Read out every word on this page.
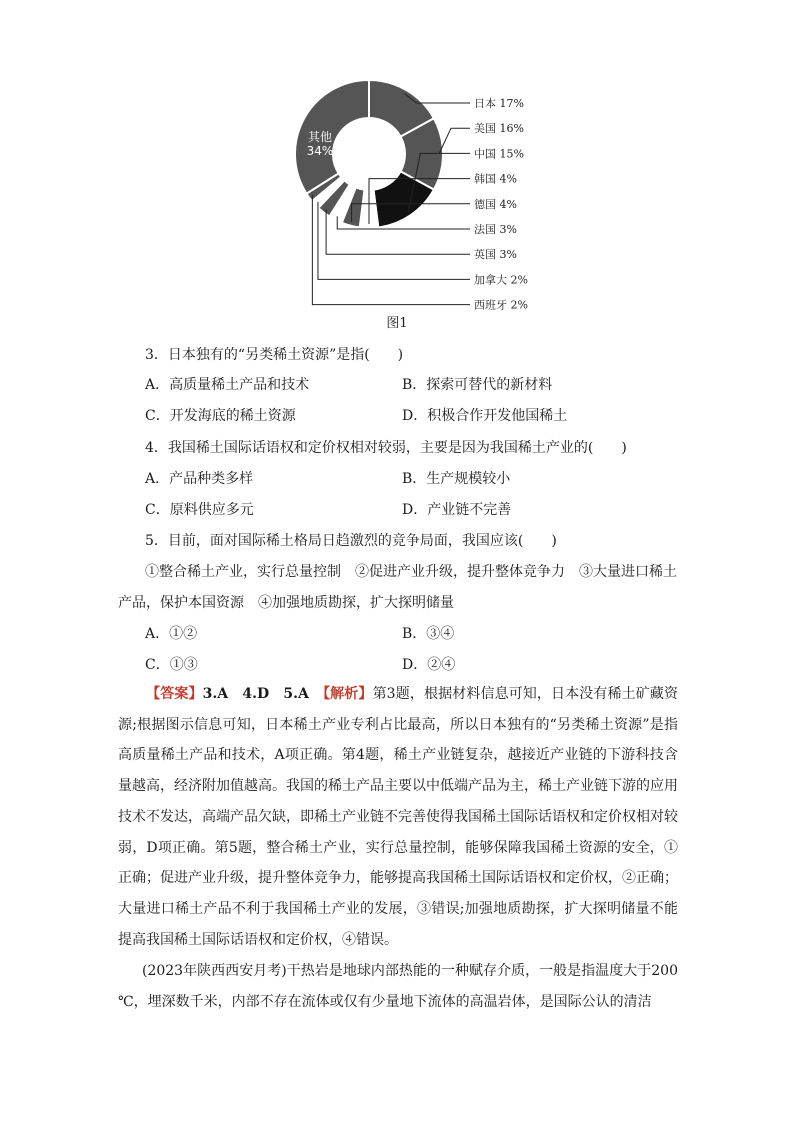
日本 17%
美国 16%
中国 15%
韩国 4%
德国 4%
法国 3%
英国 3%
加拿大 2%
西班牙 2%
其他
34%
图1
3．日本独有的“另类稀土资源”是指(　　)
A．高质量稀土产品和技术	B．探索可替代的新材料
C．开发海底的稀土资源	D．积极合作开发他国稀土
4．我国稀土国际话语权和定价权相对较弱，主要是因为我国稀土产业的(　　)
A．产品种类多样	B．生产规模较小
C．原料供应多元	D．产业链不完善
5．目前，面对国际稀土格局日趋激烈的竞争局面，我国应该(　　)
①整合稀土产业，实行总量控制　②促进产业升级，提升整体竞争力　③大量进口稀土
产品，保护本国资源　④加强地质勘探，扩大探明储量
A．①②	B．③④
C．①③	D．②④
【答案】3.A　4.D　5.A　【解析】第3题，根据材料信息可知，日本没有稀土矿藏资源;根据图示信息可知，日本稀土产业专利占比最高，所以日本独有的“另类稀土资源”是指高质量稀土产品和技术，A项正确。第4题，稀土产业链复杂，越接近产业链的下游科技含量越高，经济附加值越高。我国的稀土产品主要以中低端产品为主，稀土产业链下游的应用技术不发达，高端产品欠缺，即稀土产业链不完善使得我国稀土国际话语权和定价权相对较弱，D项正确。第5题，整合稀土产业，实行总量控制，能够保障我国稀土资源的安全，①正确；促进产业升级，提升整体竞争力，能够提高我国稀土国际话语权和定价权，②正确；大量进口稀土产品不利于我国稀土产业的发展，③错误;加强地质勘探，扩大探明储量不能提高我国稀土国际话语权和定价权，④错误。
(2023年陕西西安月考)干热岩是地球内部热能的一种赋存介质，一般是指温度大于200 ℃，埋深数千米，内部不存在流体或仅有少量地下流体的高温岩体，是国际公认的清洁
